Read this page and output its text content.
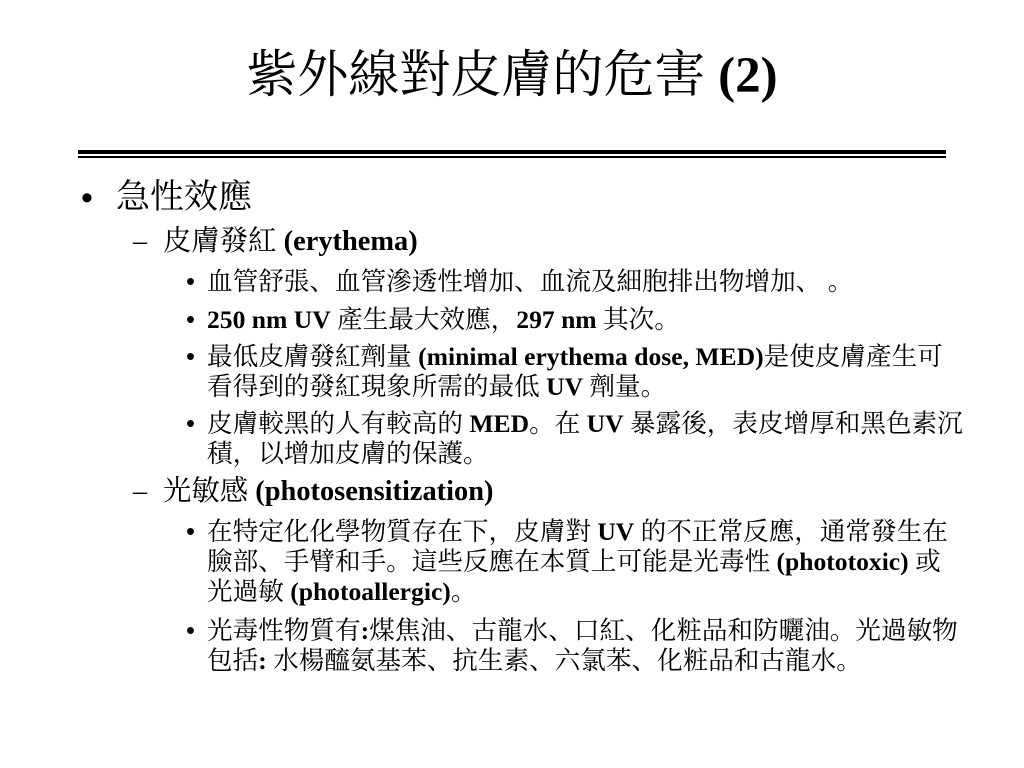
紫外線對皮膚的危害 (2)
• 急性效應
– 皮膚發紅 (erythema)
• 血管舒張、血管滲透性增加、血流及細胞排出物增加、 。
• 250 nm UV 產生最大效應，297 nm 其次。
• 最低皮膚發紅劑量 (minimal erythema dose, MED)是使皮膚產生可
看得到的發紅現象所需的最低 UV 劑量。
• 皮膚較黑的人有較高的 MED。在 UV 暴露後，表皮增厚和黑色素沉
積，以增加皮膚的保護。
– 光敏感 (photosensitization)
• 在特定化化學物質存在下，皮膚對 UV 的不正常反應，通常發生在
臉部、手臂和手。這些反應在本質上可能是光毒性 (phototoxic) 或
光過敏 (photoallergic)。
• 光毒性物質有:煤焦油、古龍水、口紅、化粧品和防曬油。光過敏物
包括: 水楊醯氨基苯、抗生素、六氯苯、化粧品和古龍水。
